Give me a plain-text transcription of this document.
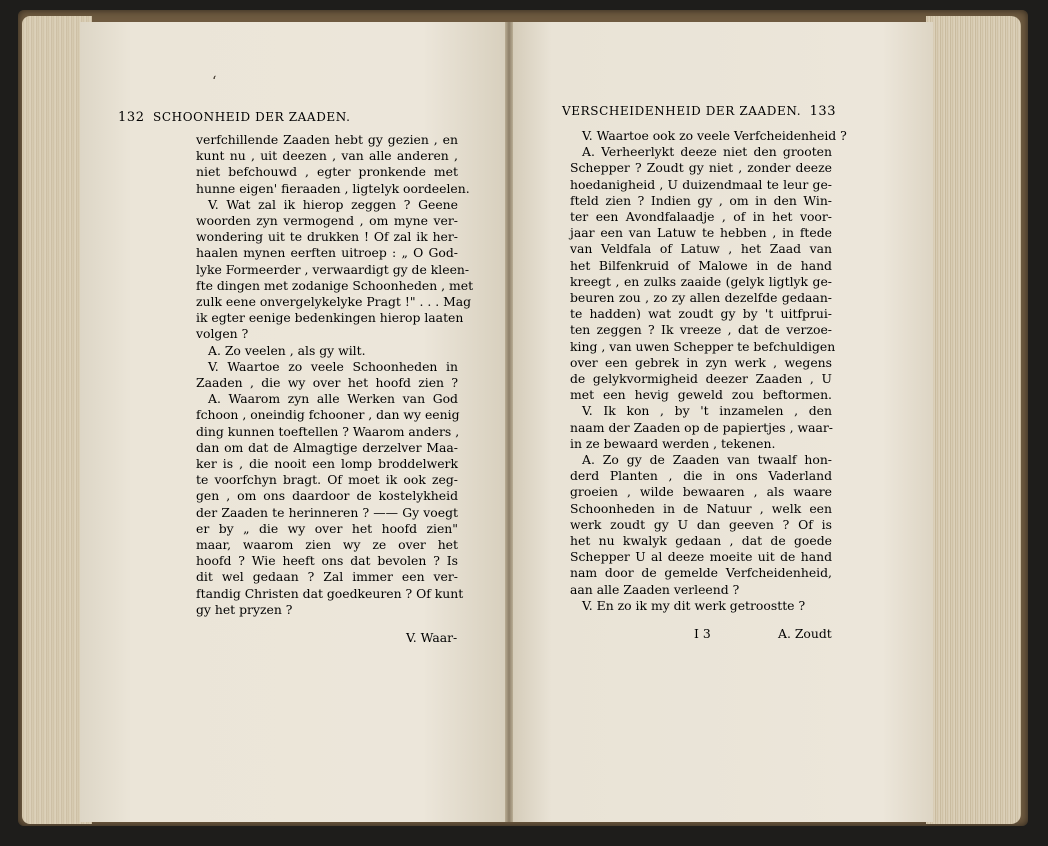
‘
132 SCHOONHEID DER ZAADEN.	VERSCHEIDENHEID DER ZAADEN. 133
verfchillende Zaaden hebt gy gezien , en
kunt nu , uit deezen , van alle anderen ,
niet befchouwd , egter pronkende met
hunne eigen' fieraaden , ligtelyk oordeelen.
V. Wat zal ik hierop zeggen ? Geene
woorden zyn vermogend , om myne ver-
wondering uit te drukken ! Of zal ik her-
haalen mynen eerften uitroep : „ O God-
lyke Formeerder , verwaardigt gy de kleen-
fte dingen met zodanige Schoonheden , met
zulk eene onvergelykelyke Pragt !" . . . Mag
ik egter eenige bedenkingen hierop laaten
volgen ?
A. Zo veelen , als gy wilt.
V. Waartoe zo veele Schoonheden in
Zaaden , die wy over het hoofd zien ?
A. Waarom zyn alle Werken van God
fchoon , oneindig fchooner , dan wy eenig
ding kunnen toeftellen ? Waarom anders ,
dan om dat de Almagtige derzelver Maa-
ker is , die nooit een lomp broddelwerk
te voorfchyn bragt. Of moet ik ook zeg-
gen , om ons daardoor de kostelykheid
der Zaaden te herinneren ? —— Gy voegt
er by „ die wy over het hoofd zien"
maar, waarom zien wy ze over het
hoofd ? Wie heeft ons dat bevolen ? Is
dit wel gedaan ? Zal immer een ver-
ftandig Christen dat goedkeuren ? Of kunt
gy het pryzen ?
V. Waar-
V. Waartoe ook zo veele Verfcheidenheid ?
A. Verheerlykt deeze niet den grooten
Schepper ? Zoudt gy niet , zonder deeze
hoedanigheid , U duizendmaal te leur ge-
fteld zien ? Indien gy , om in den Win-
ter een Avondfalaadje , of in het voor-
jaar een van Latuw te hebben , in ftede
van Veldfala of Latuw , het Zaad van
het Bilfenkruid of Malowe in de hand
kreegt , en zulks zaaide (gelyk ligtlyk ge-
beuren zou , zo zy allen dezelfde gedaan-
te hadden) wat zoudt gy by 't uitfprui-
ten zeggen ? Ik vreeze , dat de verzoe-
king , van uwen Schepper te befchuldigen
over een gebrek in zyn werk , wegens
de gelykvormigheid deezer Zaaden , U
met een hevig geweld zou beftormen.
V. Ik kon , by 't inzamelen , den
naam der Zaaden op de papiertjes , waar-
in ze bewaard werden , tekenen.
A. Zo gy de Zaaden van twaalf hon-
derd Planten , die in ons Vaderland
groeien , wilde bewaaren , als waare
Schoonheden in de Natuur , welk een
werk zoudt gy U dan geeven ? Of is
het nu kwalyk gedaan , dat de goede
Schepper U al deeze moeite uit de hand
nam door de gemelde Verfcheidenheid,
aan alle Zaaden verleend ?
V. En zo ik my dit werk getroostte ?
I 3	A. Zoudt
